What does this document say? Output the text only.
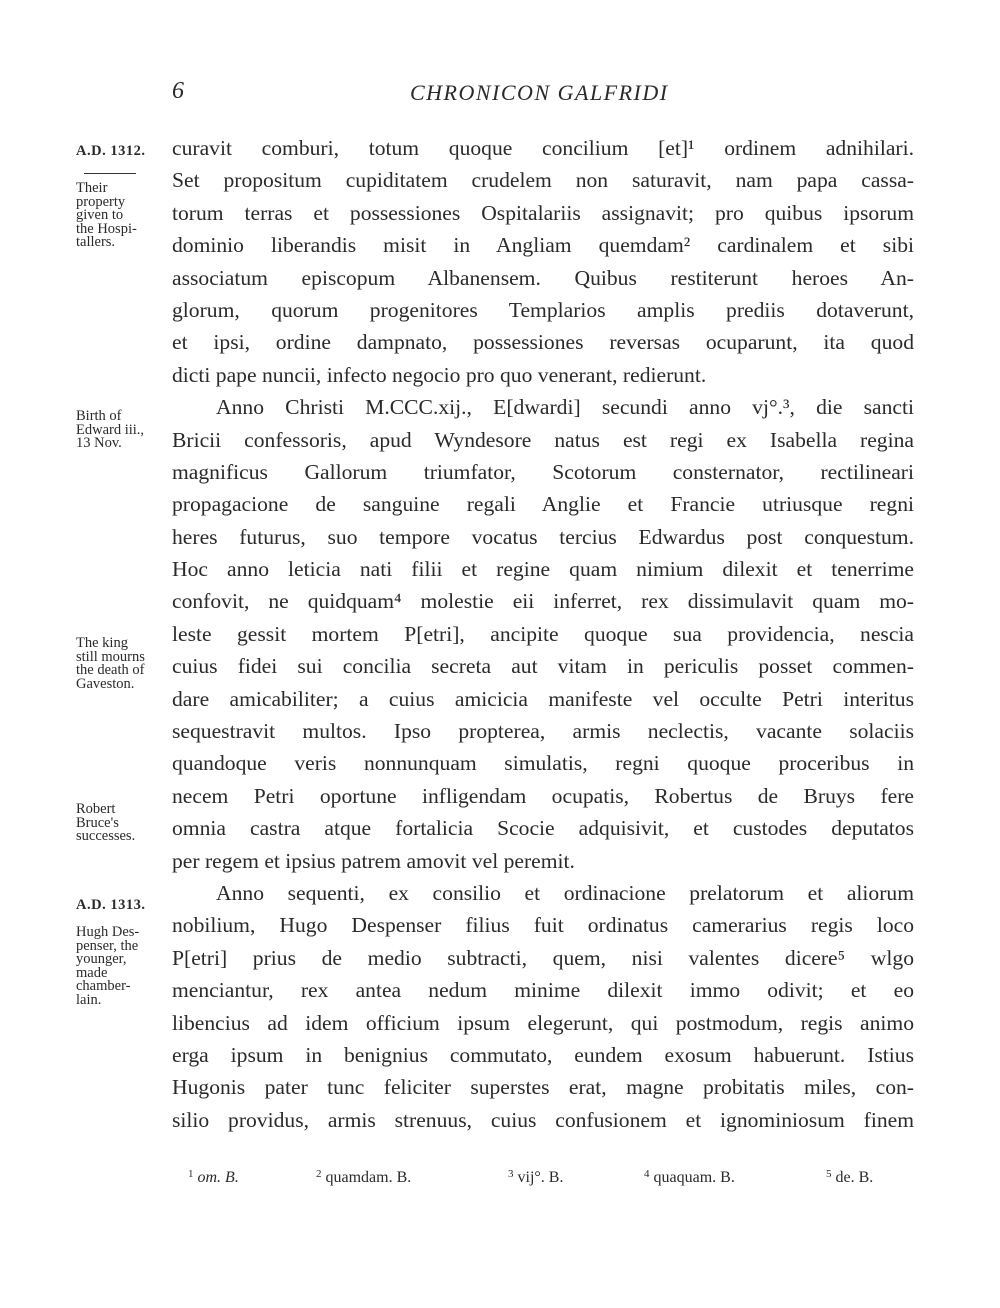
6	CHRONICON GALFRIDI
A.D. 1312.
Their
property
given to
the Hospi-
tallers.
Birth of
Edward iii.,
13 Nov.
The king
still mourns
the death of
Gaveston.
Robert
Bruce's
successes.
A.D. 1313.
Hugh Des-
penser, the
younger,
made
chamber-
lain.
curavit comburi, totum quoque concilium [et]¹ ordinem adnihilari.
Set propositum cupiditatem crudelem non saturavit, nam papa cassa-
torum terras et possessiones Ospitalariis assignavit; pro quibus ipsorum
dominio liberandis misit in Angliam quemdam² cardinalem et sibi
associatum episcopum Albanensem. Quibus restiterunt heroes An-
glorum, quorum progenitores Templarios amplis prediis dotaverunt,
et ipsi, ordine dampnato, possessiones reversas ocuparunt, ita quod
dicti pape nuncii, infecto negocio pro quo venerant, redierunt.
Anno Christi M.CCC.xij., E[dwardi] secundi anno vj°.³, die sancti
Bricii confessoris, apud Wyndesore natus est regi ex Isabella regina
magnificus Gallorum triumfator, Scotorum consternator, rectilineari
propagacione de sanguine regali Anglie et Francie utriusque regni
heres futurus, suo tempore vocatus tercius Edwardus post conquestum.
Hoc anno leticia nati filii et regine quam nimium dilexit et tenerrime
confovit, ne quidquam⁴ molestie eii inferret, rex dissimulavit quam mo-
leste gessit mortem P[etri], ancipite quoque sua providencia, nescia
cuius fidei sui concilia secreta aut vitam in periculis posset commen-
dare amicabiliter; a cuius amicicia manifeste vel occulte Petri interitus
sequestravit multos. Ipso propterea, armis neclectis, vacante solaciis
quandoque veris nonnunquam simulatis, regni quoque proceribus in
necem Petri oportune infligendam ocupatis, Robertus de Bruys fere
omnia castra atque fortalicia Scocie adquisivit, et custodes deputatos
per regem et ipsius patrem amovit vel peremit.
Anno sequenti, ex consilio et ordinacione prelatorum et aliorum
nobilium, Hugo Despenser filius fuit ordinatus camerarius regis loco
P[etri] prius de medio subtracti, quem, nisi valentes dicere⁵ wlgo
menciantur, rex antea nedum minime dilexit immo odivit; et eo
libencius ad idem officium ipsum elegerunt, qui postmodum, regis animo
erga ipsum in benignius commutato, eundem exosum habuerunt. Istius
Hugonis pater tunc feliciter superstes erat, magne probitatis miles, con-
silio providus, armis strenuus, cuius confusionem et ignominiosum finem
$^1$ om. B.	$^2$ quamdam. B.	$^3$ vij°. B.	$^4$ quaquam. B.	$^5$ de. B.
